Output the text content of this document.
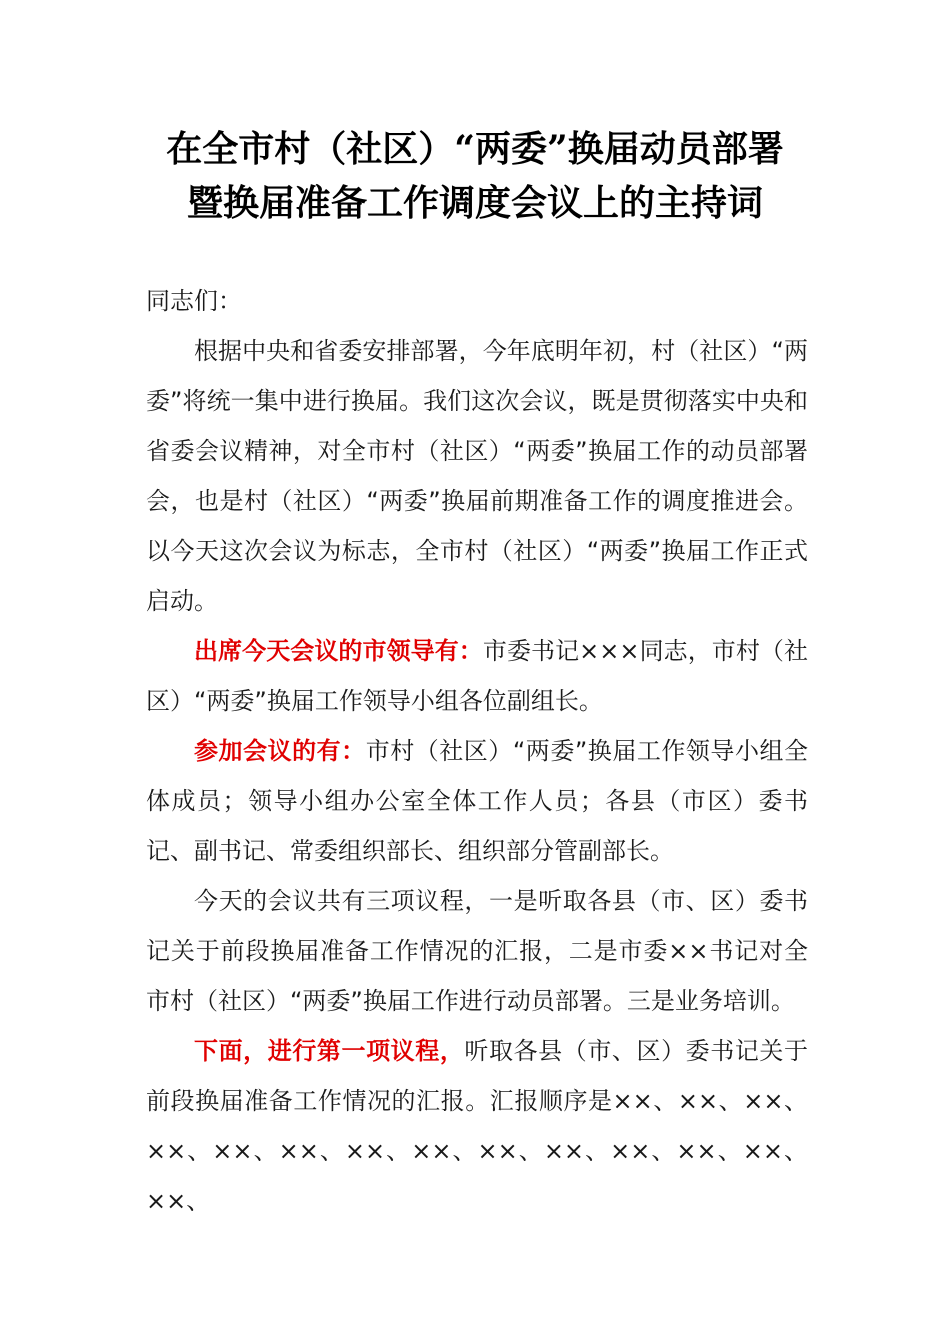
在全市村（社区）“两委”换届动员部署
暨换届准备工作调度会议上的主持词

同志们：

根据中央和省委安排部署，今年底明年初，村（社区）“两委”将统一集中进行换届。我们这次会议，既是贯彻落实中央和省委会议精神，对全市村（社区）“两委”换届工作的动员部署会，也是村（社区）“两委”换届前期准备工作的调度推进会。以今天这次会议为标志，全市村（社区）“两委”换届工作正式启动。

出席今天会议的市领导有：市委书记×××同志，市村（社区）“两委”换届工作领导小组各位副组长。

参加会议的有：市村（社区）“两委”换届工作领导小组全体成员；领导小组办公室全体工作人员；各县（市区）委书记、副书记、常委组织部长、组织部分管副部长。

今天的会议共有三项议程，一是听取各县（市、区）委书记关于前段换届准备工作情况的汇报，二是市委××书记对全市村（社区）“两委”换届工作进行动员部署。三是业务培训。

下面，进行第一项议程，听取各县（市、区）委书记关于前段换届准备工作情况的汇报。汇报顺序是××、××、××、××、××、××、××、××、××、××、××、××、××、××、
